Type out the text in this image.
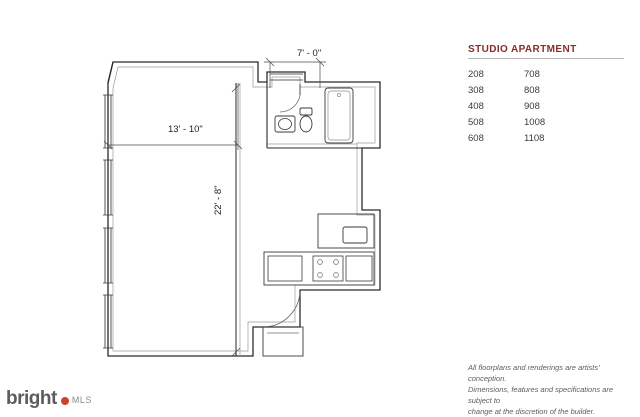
7' - 0"
13' - 10"
22' - 8"
STUDIO APARTMENT
208	708
308	808
408	908
508	1008
608	1108
All floorplans and renderings are artists' conception.
Dimensions, features and specifications are subject to
change at the discretion of the builder.
bright MLS
